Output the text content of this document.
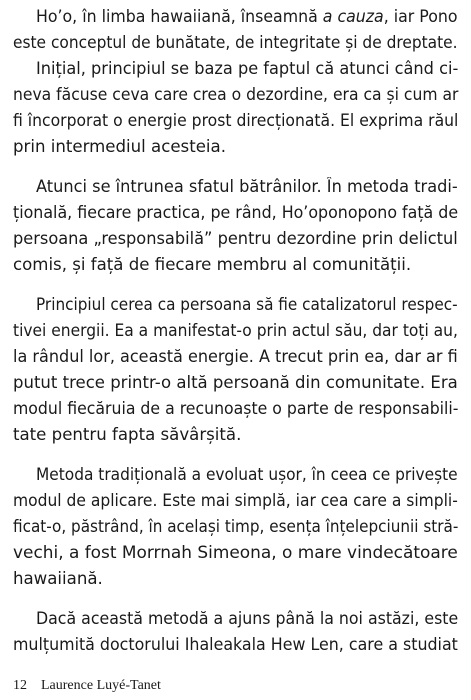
Ho’o, în limba hawaiiană, înseamnă a cauza, iar Pono
este conceptul de bunătate, de integritate și de dreptate.
Inițial, principiul se baza pe faptul că atunci când ci-
neva făcuse ceva care crea o dezordine, era ca și cum ar
fi încorporat o energie prost direcționată. El exprima răul
prin intermediul acesteia.
Atunci se întrunea sfatul bătrânilor. În metoda tradi-
țională, fiecare practica, pe rând, Ho’oponopono față de
persoana „responsabilă” pentru dezordine prin delictul
comis, și față de fiecare membru al comunității.
Principiul cerea ca persoana să fie catalizatorul respec-
tivei energii. Ea a manifestat-o prin actul său, dar toți au,
la rândul lor, această energie. A trecut prin ea, dar ar fi
putut trece printr-o altă persoană din comunitate. Era
modul fiecăruia de a recunoaște o parte de responsabili-
tate pentru fapta săvârșită.
Metoda tradițională a evoluat ușor, în ceea ce privește
modul de aplicare. Este mai simplă, iar cea care a simpli-
ficat-o, păstrând, în același timp, esența înțelepciunii stră-
vechi, a fost Morrnah Simeona, o mare vindecătoare
hawaiiană.
Dacă această metodă a ajuns până la noi astăzi, este
mulțumită doctorului Ihaleakala Hew Len, care a studiat
12 Laurence Luyé-Tanet
